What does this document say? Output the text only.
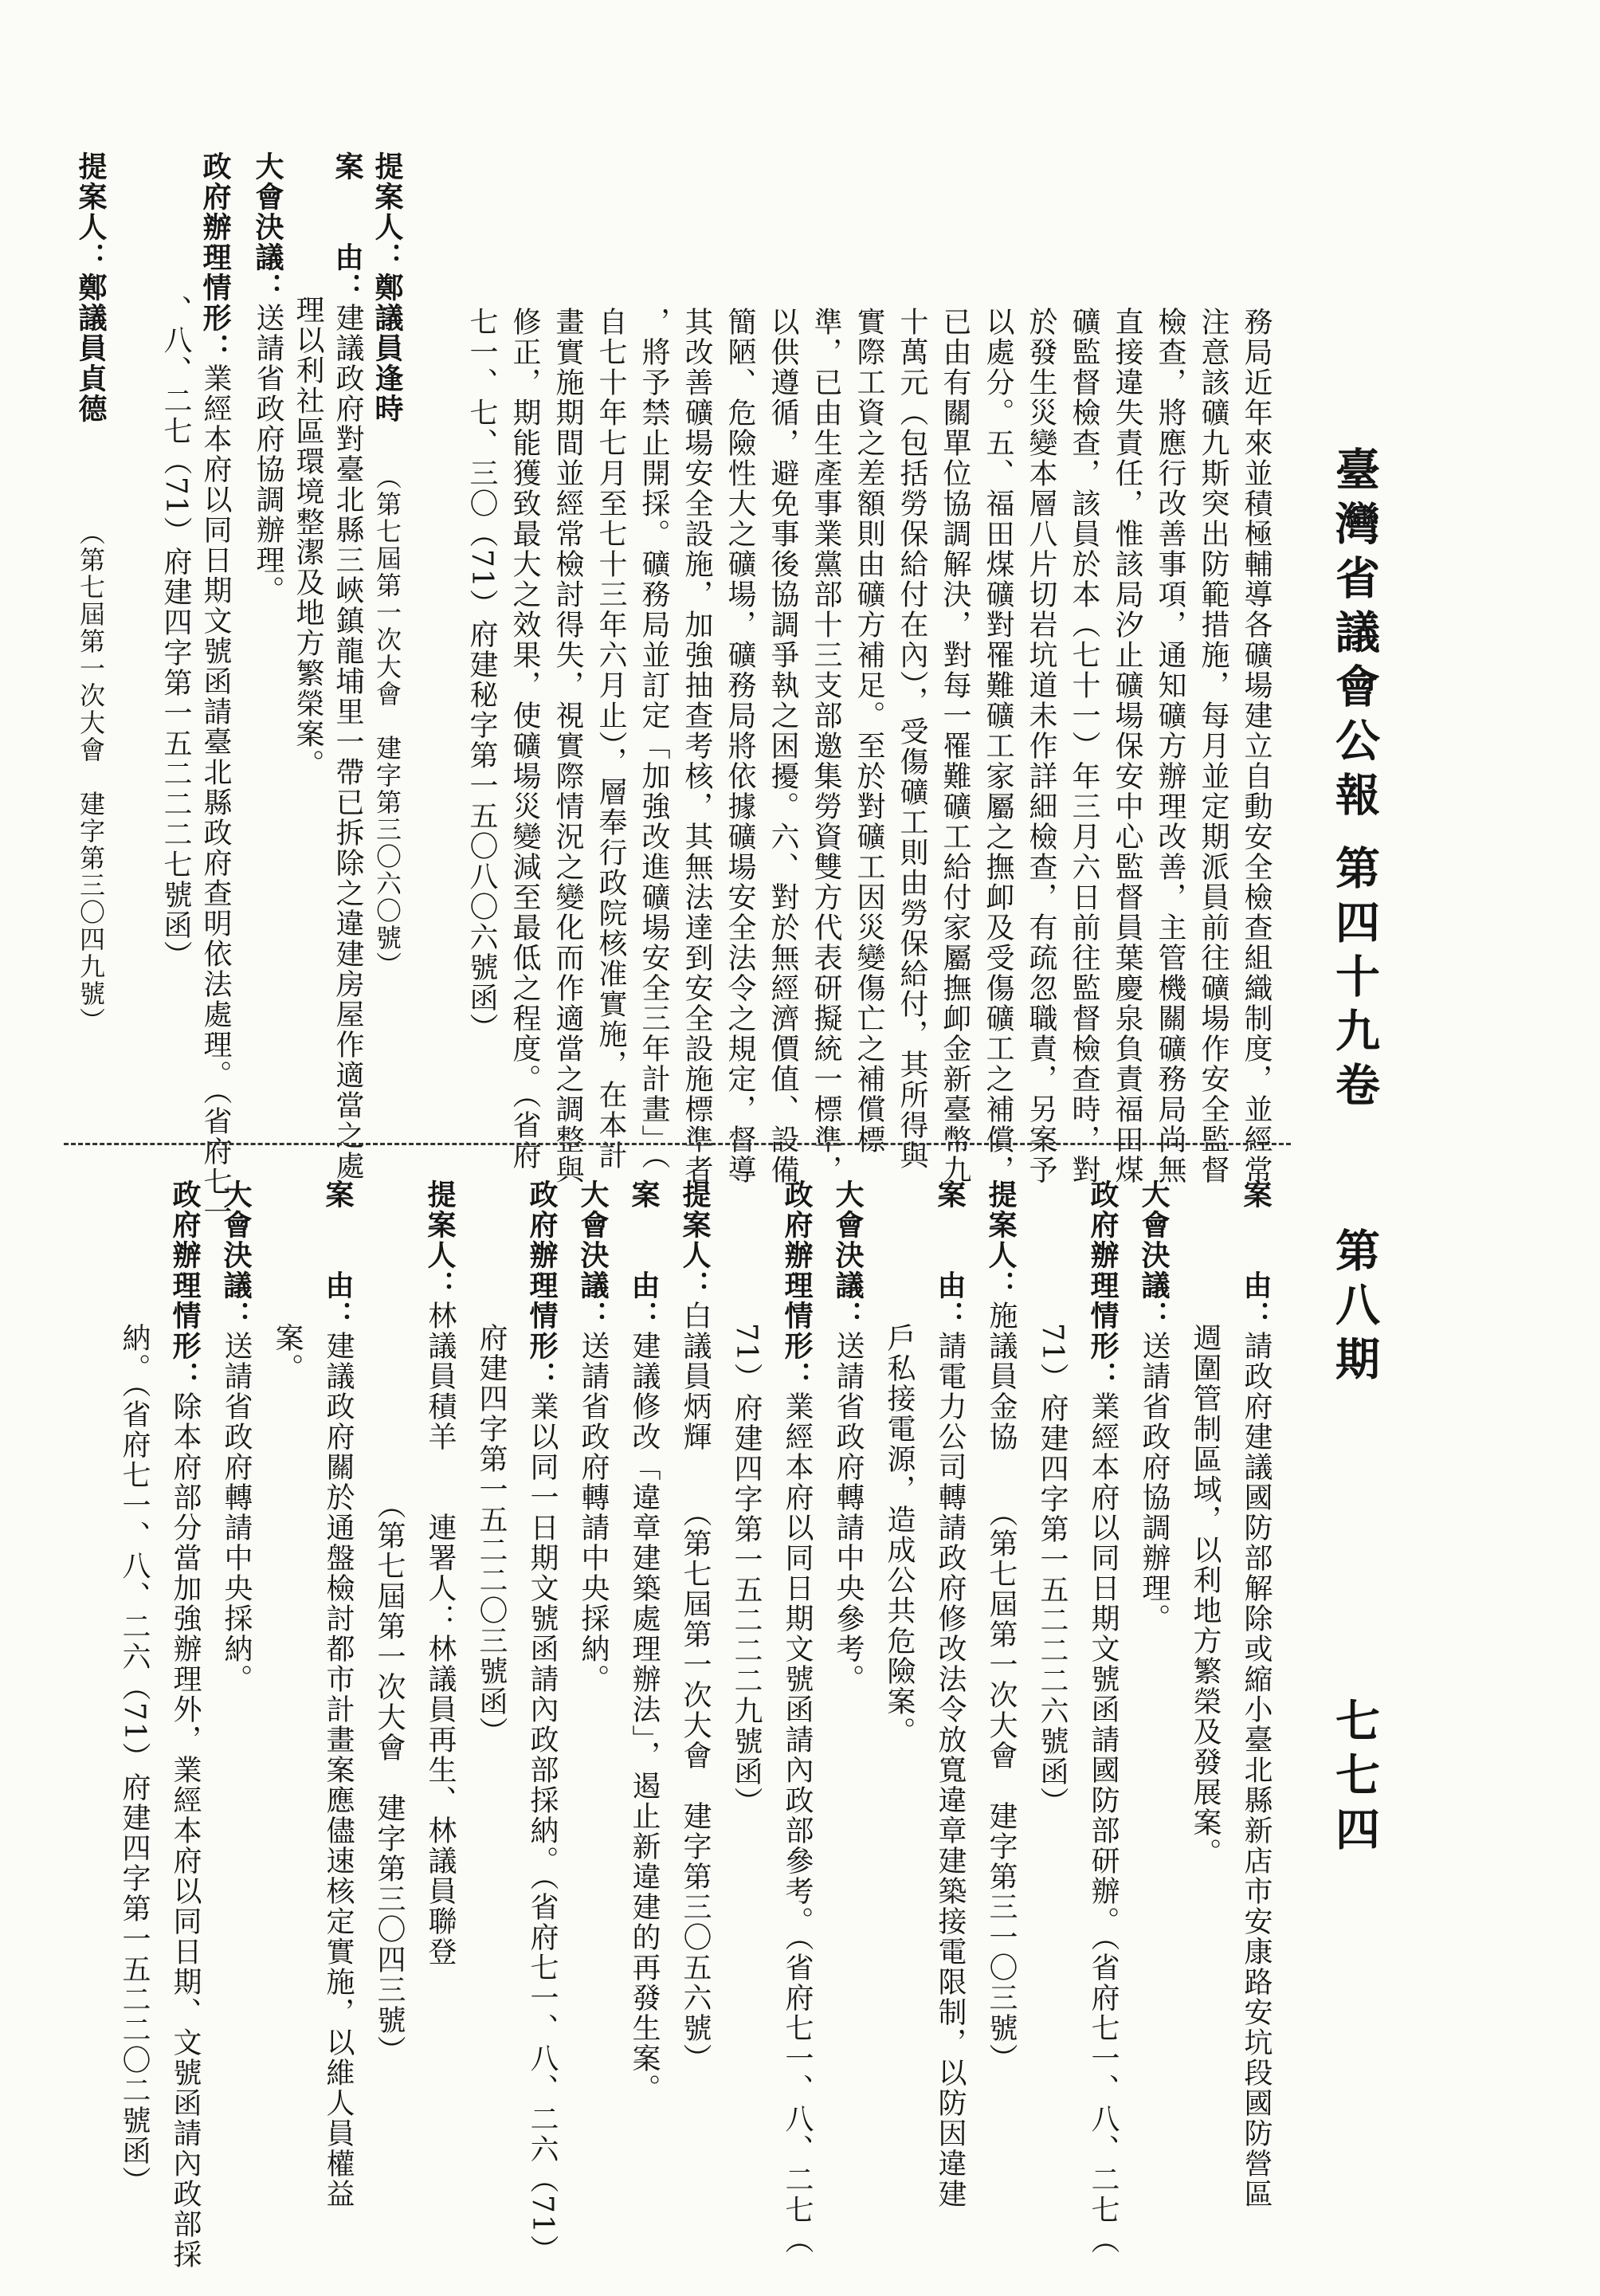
臺灣省議會公報
第四十九卷
第八期
七七四
務局近年來並積極輔導各礦場建立自動安全檢查組織制度，並經常
注意該礦九斯突出防範措施，每月並定期派員前往礦場作安全監督
檢查，將應行改善事項，通知礦方辦理改善，主管機關礦務局尚無
直接違失責任，惟該局汐止礦場保安中心監督員葉慶泉負責福田煤
礦監督檢查，該員於本（七十一）年三月六日前往監督檢查時，對
於發生災變本層八片切岩坑道未作詳細檢查，有疏忽職責，另案予
以處分。五、福田煤礦對罹難礦工家屬之撫卹及受傷礦工之補償，
已由有關單位協調解決，對每一罹難礦工給付家屬撫卹金新臺幣九
十萬元（包括勞保給付在內），受傷礦工則由勞保給付，其所得與
實際工資之差額則由礦方補足。至於對礦工因災變傷亡之補償標
準，已由生產事業黨部十三支部邀集勞資雙方代表研擬統一標準，
以供遵循，避免事後協調爭執之困擾。六、對於無經濟價值、設備
簡陋、危險性大之礦場，礦務局將依據礦場安全法令之規定，督導
其改善礦場安全設施，加強抽查考核，其無法達到安全設施標準者
，將予禁止開採。礦務局並訂定「加強改進礦場安全三年計畫」（
自七十年七月至七十三年六月止），層奉行政院核准實施，在本計
畫實施期間並經常檢討得失，視實際情況之變化而作適當之調整與
修正，期能獲致最大之效果，使礦場災變減至最低之程度。（省府
七一、七、三〇（71）府建秘字第一五〇八〇六號函）
提案人：鄭議員逢時（第七屆第一次大會　建字第三〇六〇號）
案　　由：建議政府對臺北縣三峽鎮龍埔里一帶已拆除之違建房屋作適當之處
理以利社區環境整潔及地方繁榮案。
大會決議：送請省政府協調辦理。
政府辦理情形：業經本府以同日期文號函請臺北縣政府查明依法處理。（省府七一
、八、二七（71）府建四字第一五二二二七號函）
提案人：鄭議員貞德（第七屆第一次大會　建字第三〇四九號）
案　　由：請政府建議國防部解除或縮小臺北縣新店市安康路安坑段國防營區
週圍管制區域，以利地方繁榮及發展案。
大會決議：送請省政府協調辦理。
政府辦理情形：業經本府以同日期文號函請國防部研辦。（省府七一、八、二七（
71）府建四字第一五二二二六號函）
提案人：施議員金協　　（第七屆第一次大會　建字第三一〇三號）
案　　由：請電力公司轉請政府修改法令放寬違章建築接電限制，以防因違建
戶私接電源，造成公共危險案。
大會決議：送請省政府轉請中央參考。
政府辦理情形：業經本府以同日期文號函請內政部參考。（省府七一、八、二七（
71）府建四字第一五二二二九號函）
提案人：白議員炳輝　　（第七屆第一次大會　建字第三〇五六號）
案　　由：建議修改「違章建築處理辦法」，遏止新違建的再發生案。
大會決議：送請省政府轉請中央採納。
政府辦理情形：業以同一日期文號函請內政部採納。（省府七一、八、二六（71）
府建四字第一五二二〇三號函）
提案人：林議員積羊　　連署人：林議員再生、林議員聯登
　　　　　　（第七屆第一次大會　建字第三〇四三號）
案　　由：建議政府關於通盤檢討都市計畫案應儘速核定實施，以維人員權益
案。
大會決議：送請省政府轉請中央採納。
政府辦理情形：除本府部分當加強辦理外，業經本府以同日期、文號函請內政部採
納。（省府七一、八、二六（71）府建四字第一五二二〇二號函）
